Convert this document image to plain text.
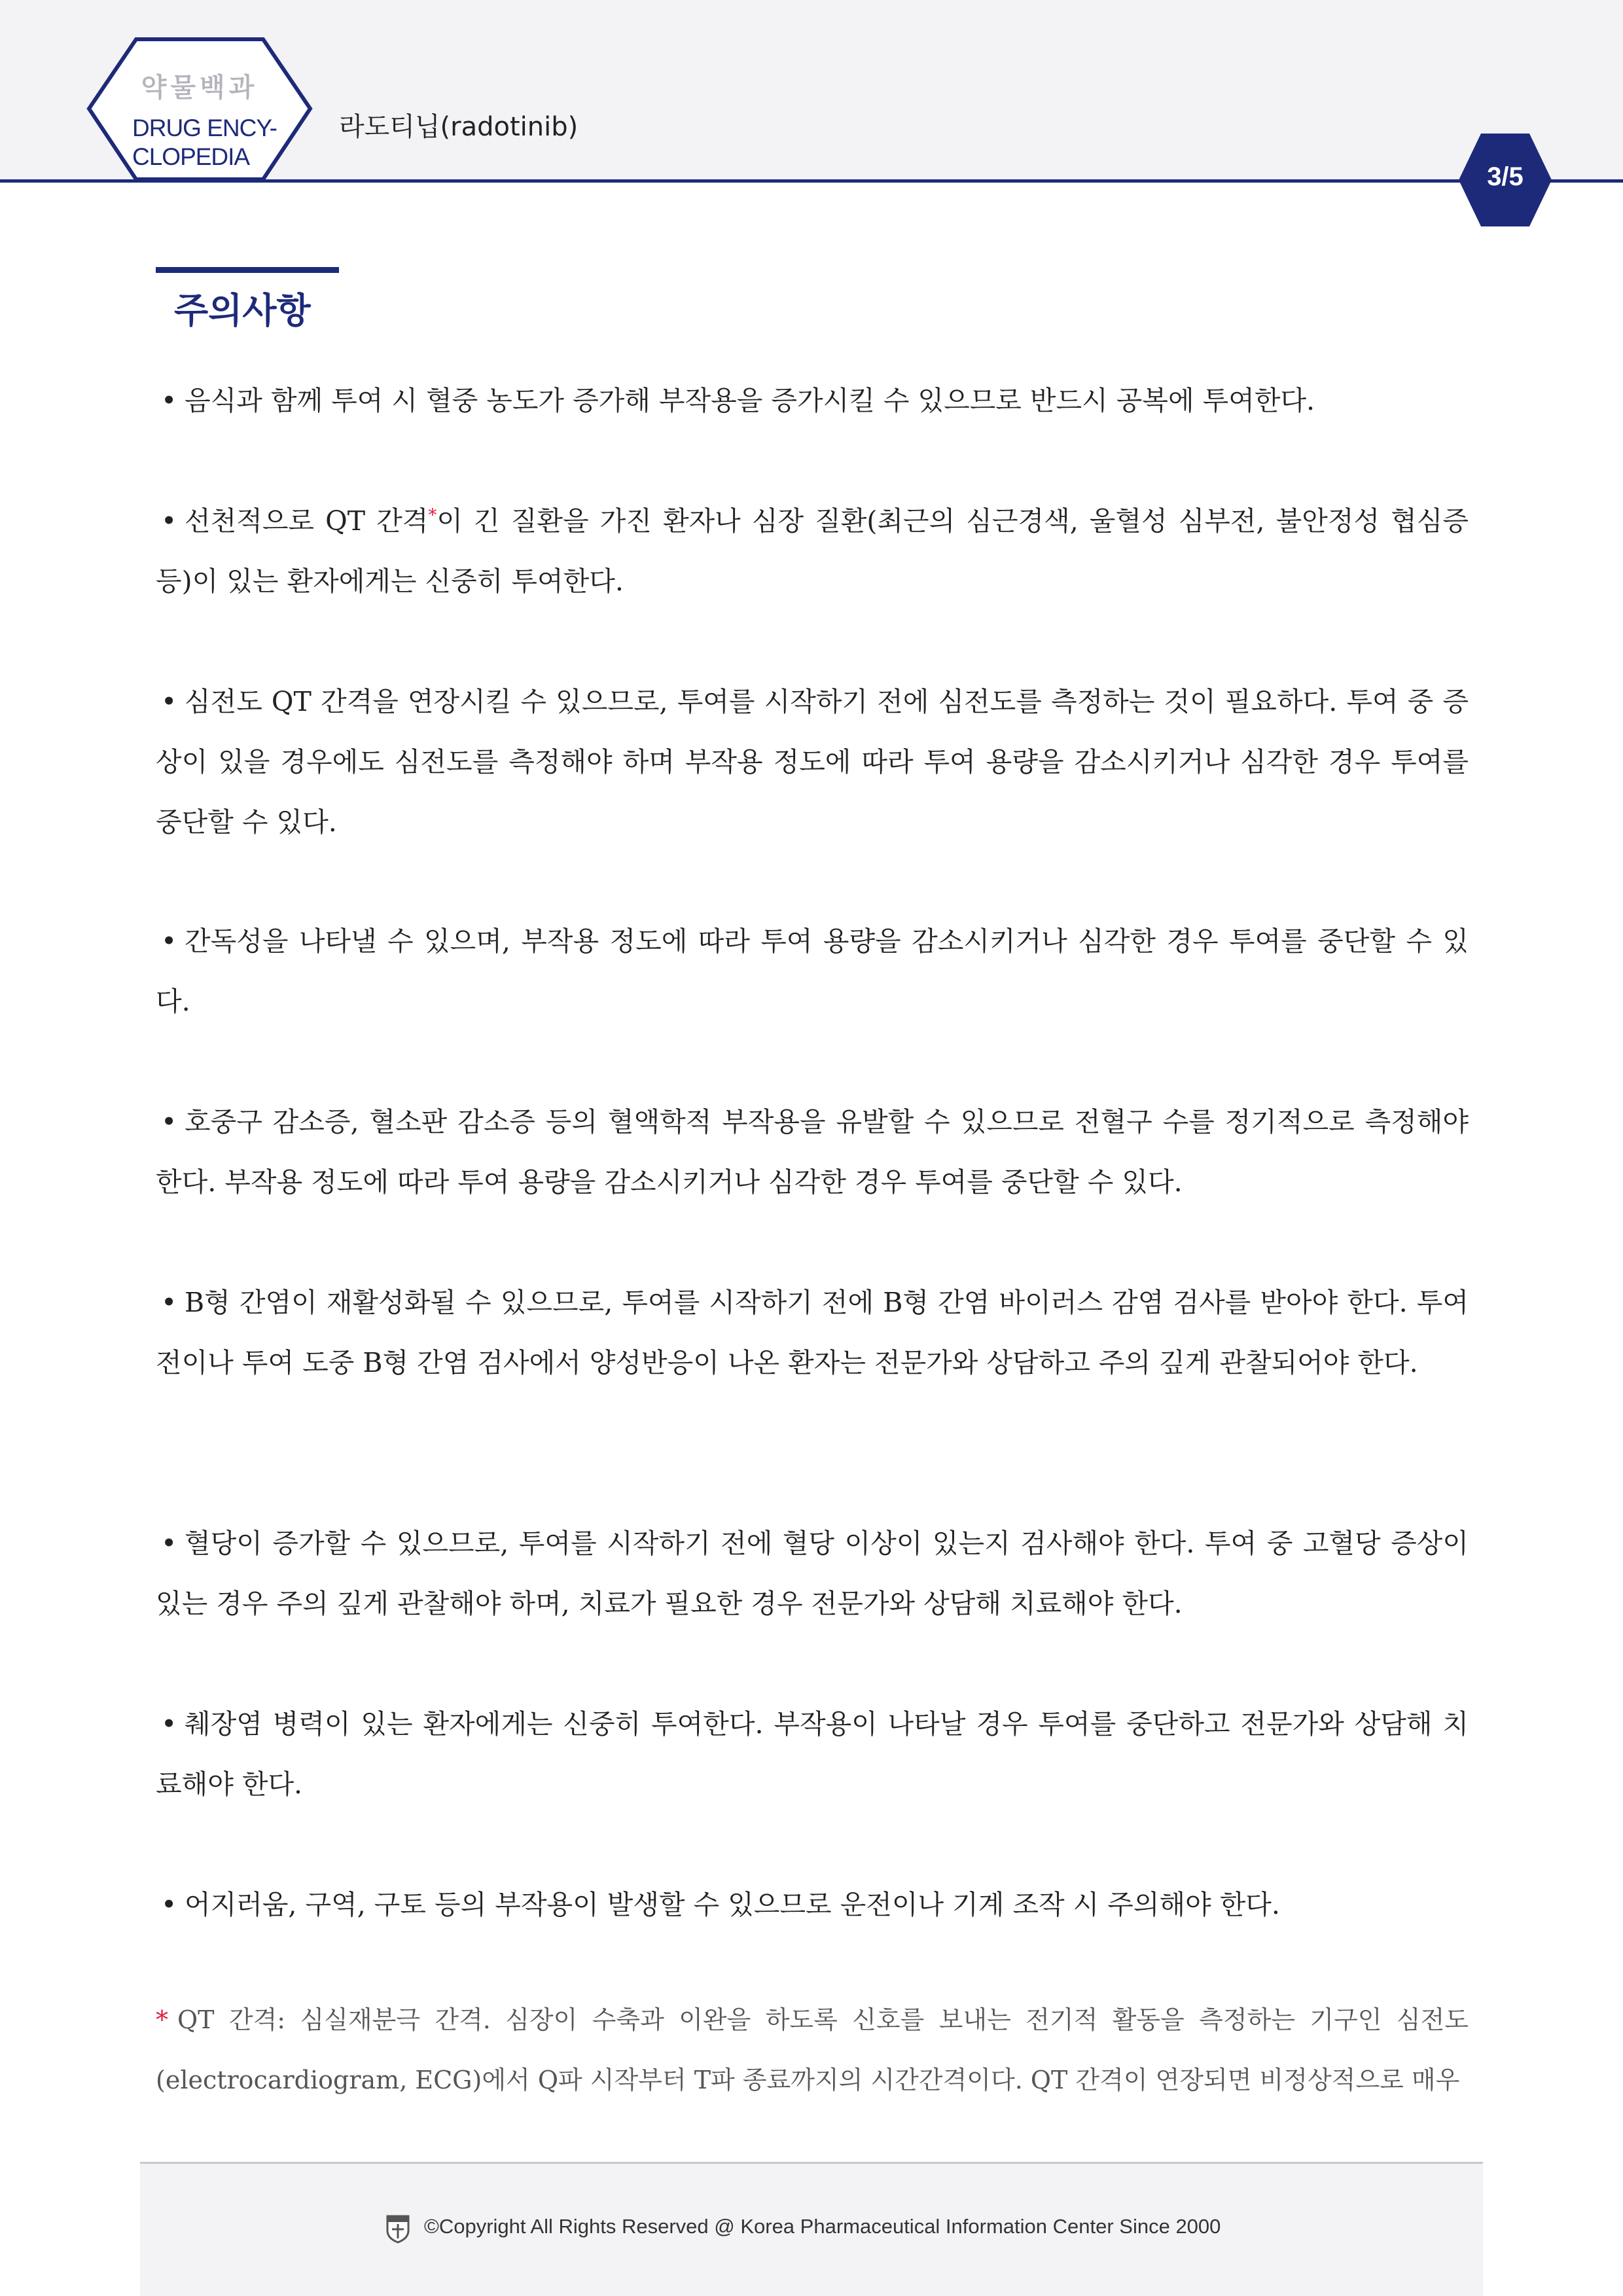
약물백과
DRUG ENCY-
CLOPEDIA
라도티닙(radotinib)
3/5
주의사항
• 음식과 함께 투여 시 혈중 농도가 증가해 부작용을 증가시킬 수 있으므로 반드시 공복에 투여한다.
• 선천적으로 QT 간격*이 긴 질환을 가진 환자나 심장 질환(최근의 심근경색, 울혈성 심부전, 불안정성 협심증 등)이 있는 환자에게는 신중히 투여한다.
• 심전도 QT 간격을 연장시킬 수 있으므로, 투여를 시작하기 전에 심전도를 측정하는 것이 필요하다. 투여 중 증상이 있을 경우에도 심전도를 측정해야 하며 부작용 정도에 따라 투여 용량을 감소시키거나 심각한 경우 투여를 중단할 수 있다.
• 간독성을 나타낼 수 있으며, 부작용 정도에 따라 투여 용량을 감소시키거나 심각한 경우 투여를 중단할 수 있다.
• 호중구 감소증, 혈소판 감소증 등의 혈액학적 부작용을 유발할 수 있으므로 전혈구 수를 정기적으로 측정해야 한다. 부작용 정도에 따라 투여 용량을 감소시키거나 심각한 경우 투여를 중단할 수 있다.
• B형 간염이 재활성화될 수 있으므로, 투여를 시작하기 전에 B형 간염 바이러스 감염 검사를 받아야 한다. 투여 전이나 투여 도중 B형 간염 검사에서 양성반응이 나온 환자는 전문가와 상담하고 주의 깊게 관찰되어야 한다.
• 혈당이 증가할 수 있으므로, 투여를 시작하기 전에 혈당 이상이 있는지 검사해야 한다. 투여 중 고혈당 증상이 있는 경우 주의 깊게 관찰해야 하며, 치료가 필요한 경우 전문가와 상담해 치료해야 한다.
• 췌장염 병력이 있는 환자에게는 신중히 투여한다. 부작용이 나타날 경우 투여를 중단하고 전문가와 상담해 치료해야 한다.
• 어지러움, 구역, 구토 등의 부작용이 발생할 수 있으므로 운전이나 기계 조작 시 주의해야 한다.
* QT 간격: 심실재분극 간격. 심장이 수축과 이완을 하도록 신호를 보내는 전기적 활동을 측정하는 기구인 심전도(electrocardiogram, ECG)에서 Q파 시작부터 T파 종료까지의 시간간격이다. QT 간격이 연장되면 비정상적으로 매우
©Copyright All Rights Reserved @ Korea Pharmaceutical Information Center Since 2000
